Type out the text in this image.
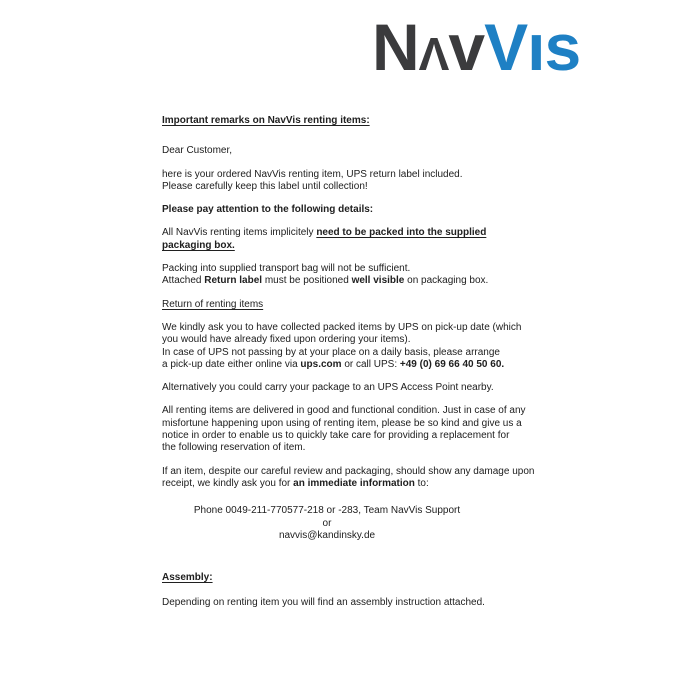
N Λ v V ıs
Important remarks on NavVis renting items:
Dear Customer,
here is your ordered NavVis renting item, UPS return label included.
Please carefully keep this label until collection!
Please pay attention to the following details:
All NavVis renting items implicitely need to be packed into the supplied
packaging box.
Packing into supplied transport bag will not be sufficient.
Attached Return label must be positioned well visible on packaging box.
Return of renting items
We kindly ask you to have collected packed items by UPS on pick-up date (which
you would have already fixed upon ordering your items).
In case of UPS not passing by at your place on a daily basis, please arrange
a pick-up date either online via ups.com or call UPS: +49 (0) 69 66 40 50 60.
Alternatively you could carry your package to an UPS Access Point nearby.
All renting items are delivered in good and functional condition. Just in case of any
misfortune happening upon using of renting item, please be so kind and give us a
notice in order to enable us to quickly take care for providing a replacement for
the following reservation of item.
If an item, despite our careful review and packaging, should show any damage upon
receipt, we kindly ask you for an immediate information to:
Phone 0049-211-770577-218 or -283, Team NavVis Support
or
navvis@kandinsky.de
Assembly:
Depending on renting item you will find an assembly instruction attached.
